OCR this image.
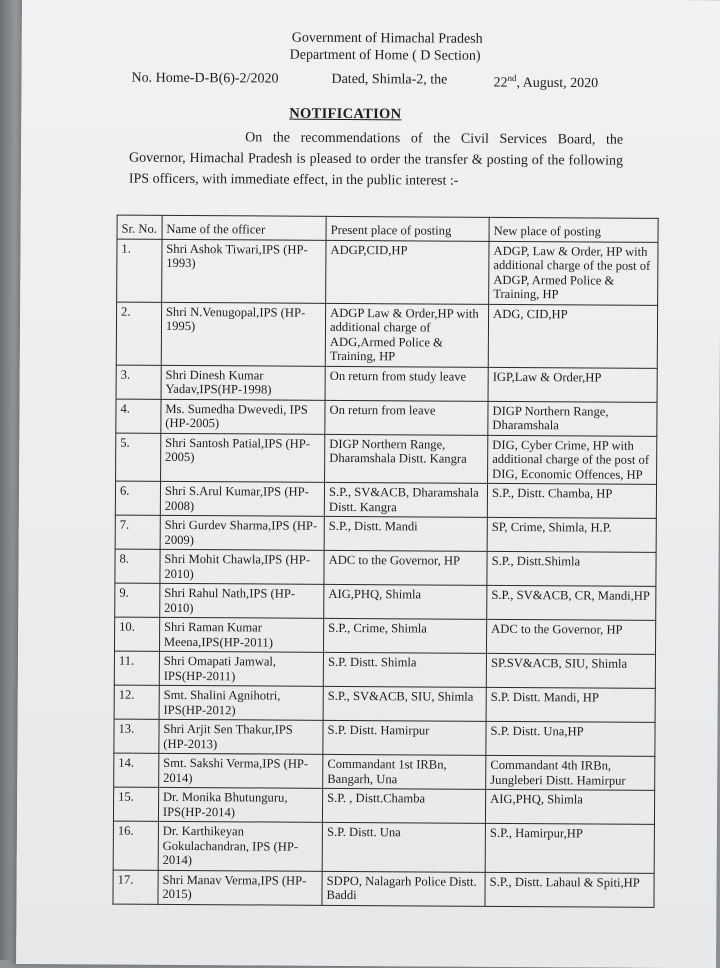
Government of Himachal Pradesh
Department of Home ( D Section)
No. Home-D-B(6)-2/2020	Dated, Shimla-2, the	22nd, August, 2020
NOTIFICATION
On the recommendations of the Civil Services Board, the Governor, Himachal Pradesh is pleased to order the transfer & posting of the following IPS officers, with immediate effect, in the public interest :-
Sr. No.	Name of the officer	Present place of posting	New place of posting
1.	Shri Ashok Tiwari,IPS (HP-1993)	ADGP,CID,HP	ADGP, Law & Order, HP with additional charge of the post of ADGP, Armed Police & Training, HP
2.	Shri N.Venugopal,IPS (HP-1995)	ADGP Law & Order,HP with additional charge of ADG,Armed Police & Training, HP	ADG, CID,HP
3.	Shri Dinesh Kumar Yadav,IPS(HP-1998)	On return from study leave	IGP,Law & Order,HP
4.	Ms. Sumedha Dwevedi, IPS (HP-2005)	On return from leave	DIGP Northern Range, Dharamshala
5.	Shri Santosh Patial,IPS (HP-2005)	DIGP Northern Range, Dharamshala Distt. Kangra	DIG, Cyber Crime, HP with additional charge of the post of DIG, Economic Offences, HP
6.	Shri S.Arul Kumar,IPS (HP-2008)	S.P., SV&ACB, Dharamshala Distt. Kangra	S.P., Distt. Chamba, HP
7.	Shri Gurdev Sharma,IPS (HP-2009)	S.P., Distt. Mandi	SP, Crime, Shimla, H.P.
8.	Shri Mohit Chawla,IPS (HP-2010)	ADC to the Governor, HP	S.P., Distt.Shimla
9.	Shri Rahul Nath,IPS (HP-2010)	AIG,PHQ, Shimla	S.P., SV&ACB, CR, Mandi,HP
10.	Shri Raman Kumar Meena,IPS(HP-2011)	S.P., Crime, Shimla	ADC to the Governor, HP
11.	Shri Omapati Jamwal, IPS(HP-2011)	S.P. Distt. Shimla	SP.SV&ACB, SIU, Shimla
12.	Smt. Shalini Agnihotri, IPS(HP-2012)	S.P., SV&ACB, SIU, Shimla	S.P. Distt. Mandi, HP
13.	Shri Arjit Sen Thakur,IPS (HP-2013)	S.P. Distt. Hamirpur	S.P. Distt. Una,HP
14.	Smt. Sakshi Verma,IPS (HP-2014)	Commandant 1st IRBn, Bangarh, Una	Commandant 4th IRBn, Jungleberi Distt. Hamirpur
15.	Dr. Monika Bhutunguru, IPS(HP-2014)	S.P. , Distt.Chamba	AIG,PHQ, Shimla
16.	Dr. Karthikeyan Gokulachandran, IPS (HP-2014)	S.P. Distt. Una	S.P., Hamirpur,HP
17.	Shri Manav Verma,IPS (HP-2015)	SDPO, Nalagarh Police Distt. Baddi	S.P., Distt. Lahaul & Spiti,HP
